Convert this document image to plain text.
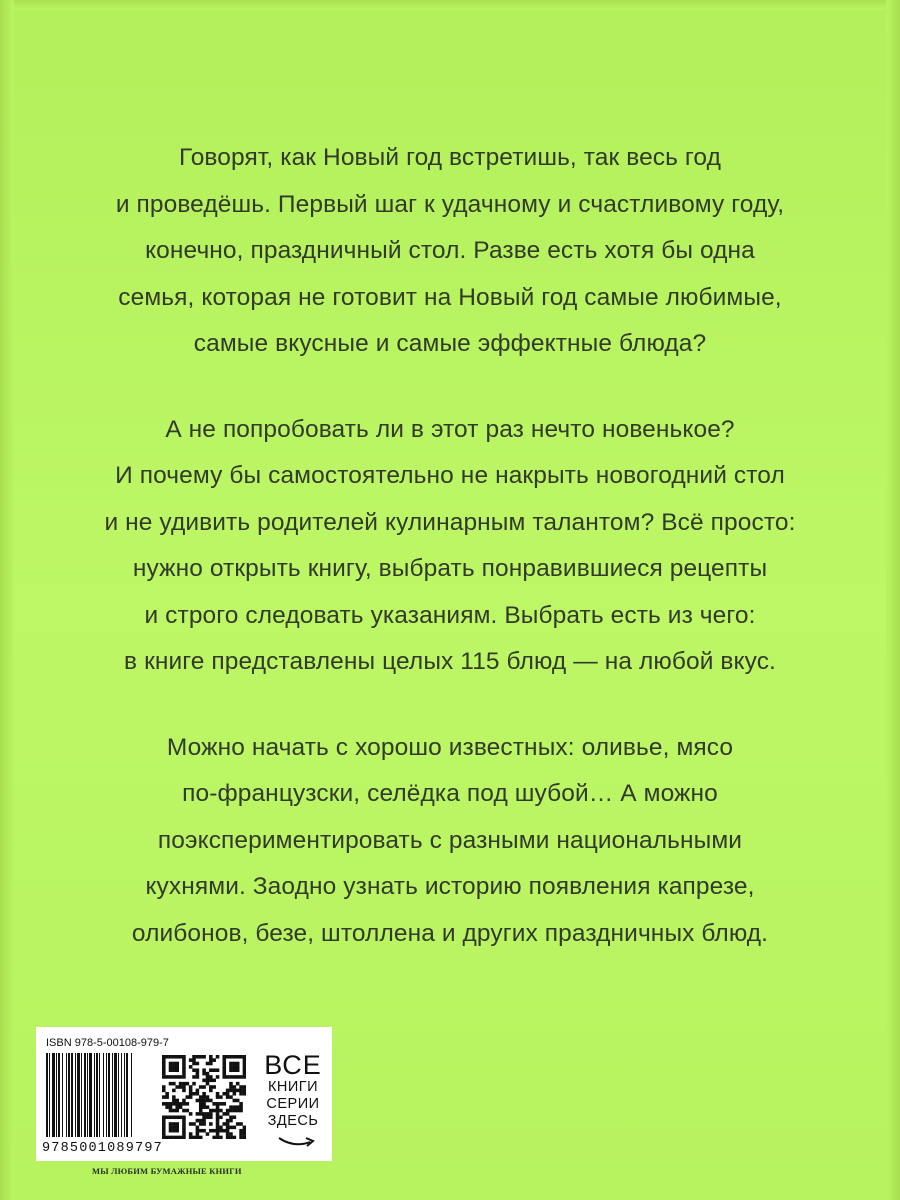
Говорят, как Новый год встретишь, так весь год
и проведёшь. Первый шаг к удачному и счастливому году,
конечно, праздничный стол. Разве есть хотя бы одна
семья, которая не готовит на Новый год самые любимые,
самые вкусные и самые эффектные блюда?

А не попробовать ли в этот раз нечто новенькое?
И почему бы самостоятельно не накрыть новогодний стол
и не удивить родителей кулинарным талантом? Всё просто:
нужно открыть книгу, выбрать понравившиеся рецепты
и строго следовать указаниям. Выбрать есть из чего:
в книге представлены целых 115 блюд — на любой вкус.

Можно начать с хорошо известных: оливье, мясо
по-французски, селёдка под шубой… А можно
поэкспериментировать с разными национальными
кухнями. Заодно узнать историю появления капрезе,
олибонов, безе, штоллена и других праздничных блюд.

ISBN 978-5-00108-979-7
9785001089797
ВСЕ
КНИГИ
СЕРИИ
ЗДЕСЬ
МЫ ЛЮБИМ БУМАЖНЫЕ КНИГИ
